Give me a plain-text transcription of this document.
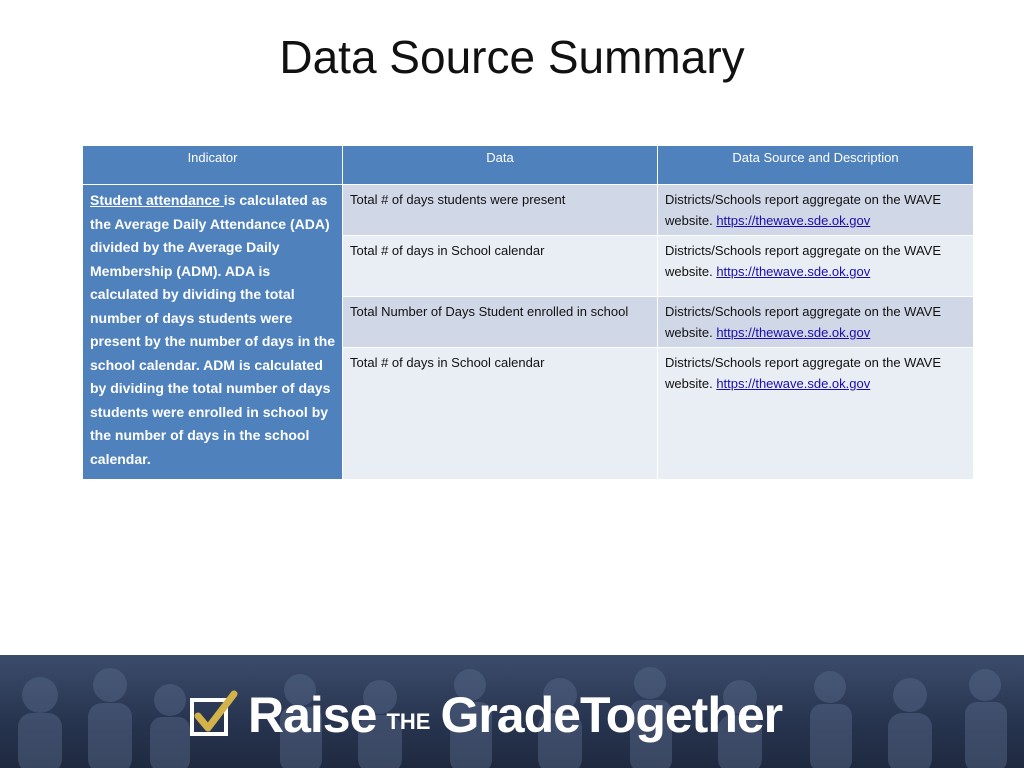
Data Source Summary
Indicator	Data	Data Source and Description
Student attendance is calculated as the Average Daily Attendance (ADA) divided by the Average Daily Membership (ADM). ADA is calculated by dividing the total number of days students were present by the number of days in the school calendar. ADM is calculated by dividing the total number of days students were enrolled in school by the number of days in the school calendar.	Total # of days students were present	Districts/Schools report aggregate on the WAVE website. https://thewave.sde.ok.gov
	Total # of days in School calendar	Districts/Schools report aggregate on the WAVE website. https://thewave.sde.ok.gov
	Total Number of Days Student enrolled in school	Districts/Schools report aggregate on the WAVE website. https://thewave.sde.ok.gov
	Total # of days in School calendar	Districts/Schools report aggregate on the WAVE website. https://thewave.sde.ok.gov
Raise THE Grade Together
